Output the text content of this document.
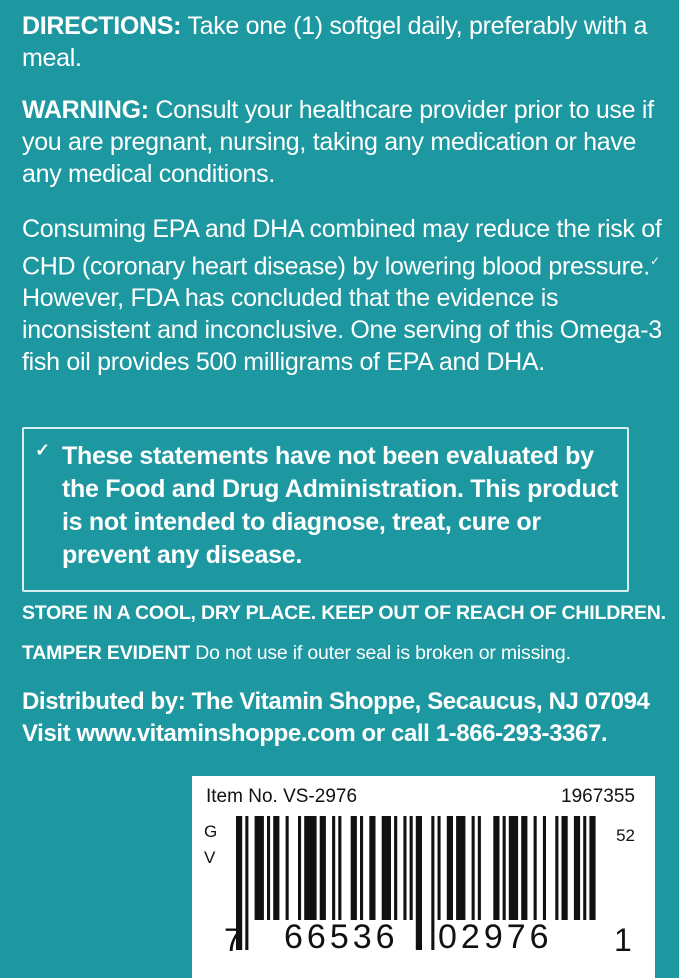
DIRECTIONS: Take one (1) softgel daily, preferably with a meal.

WARNING: Consult your healthcare provider prior to use if you are pregnant, nursing, taking any medication or have any medical conditions.

Consuming EPA and DHA combined may reduce the risk of CHD (coronary heart disease) by lowering blood pressure.✓ However, FDA has concluded that the evidence is inconsistent and inconclusive. One serving of this Omega-3 fish oil provides 500 milligrams of EPA and DHA.

✓ These statements have not been evaluated by the Food and Drug Administration. This product is not intended to diagnose, treat, cure or prevent any disease.

STORE IN A COOL, DRY PLACE. KEEP OUT OF REACH OF CHILDREN.
TAMPER EVIDENT Do not use if outer seal is broken or missing.
Distributed by: The Vitamin Shoppe, Secaucus, NJ 07094
Visit www.vitaminshoppe.com or call 1-866-293-3367.
Item No. VS-2976	1967355
G
V
52
7 66536 02976 1
